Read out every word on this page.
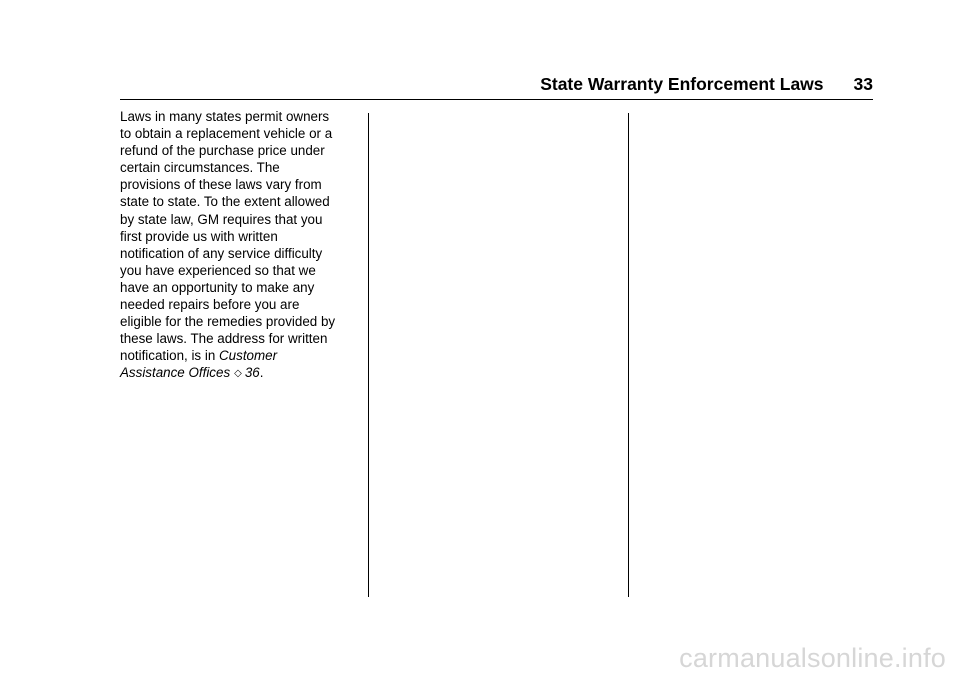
State Warranty Enforcement Laws 33

Laws in many states permit owners
to obtain a replacement vehicle or a
refund of the purchase price under
certain circumstances. The
provisions of these laws vary from
state to state. To the extent allowed
by state law, GM requires that you
first provide us with written
notification of any service difficulty
you have experienced so that we
have an opportunity to make any
needed repairs before you are
eligible for the remedies provided by
these laws. The address for written
notification, is in Customer
Assistance Offices ◇ 36.

carmanualsonline.info
